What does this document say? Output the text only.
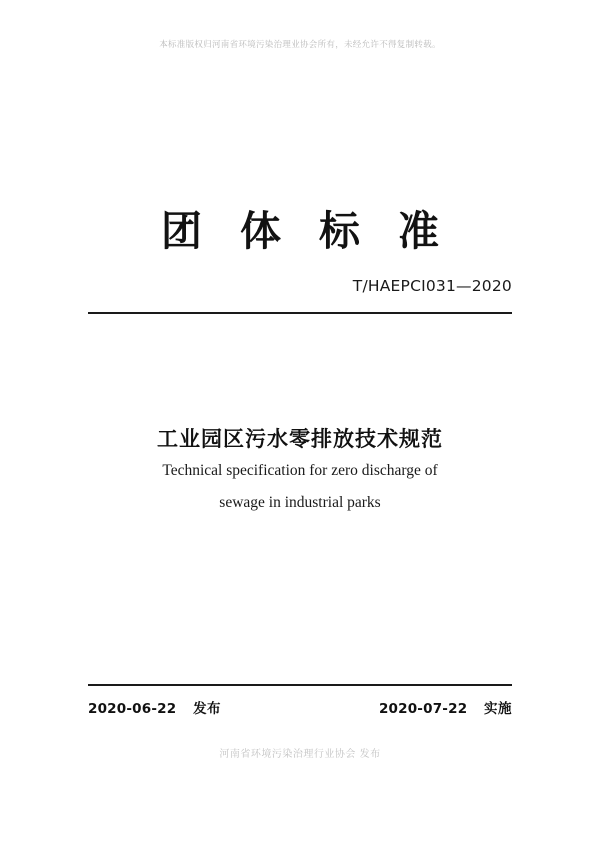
本标准版权归河南省环境污染治理业协会所有，未经允许不得复制转载。
团体标准
T/HAEPCI031—2020
工业园区污水零排放技术规范
Technical specification for zero discharge of
sewage in industrial parks
2020-06-22 发布	2020-07-22 实施
河南省环境污染治理行业协会 发布
